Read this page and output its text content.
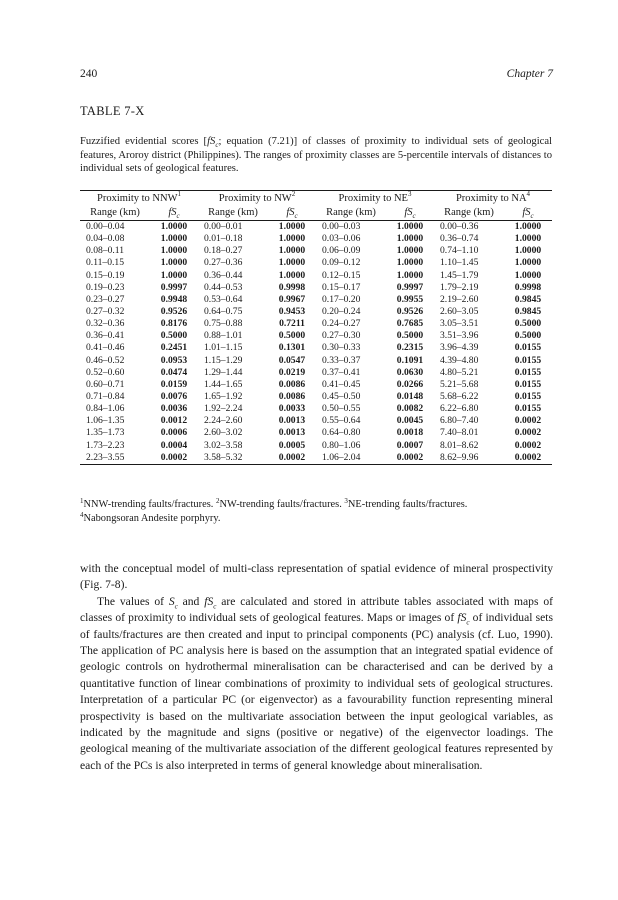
240	Chapter 7
TABLE 7-X
Fuzzified evidential scores [$fS_c$; equation (7.21)] of classes of proximity to individual sets of geological features, Aroroy district (Philippines). The ranges of proximity classes are 5-percentile intervals of distances to individual sets of geological features.
Proximity to NNW$^1$	Proximity to $NW^2$	Proximity to $NE^3$	Proximity to $NA^4$
Range (km)	$fS_c$	Range (km)	$fS_c$	Range (km)	$fS_c$	Range (km)	$fS_c$
0.00–0.04	1.0000	0.00–0.01	1.0000	0.00–0.03	1.0000	0.00–0.36	1.0000
0.04–0.08	1.0000	0.01–0.18	1.0000	0.03–0.06	1.0000	0.36–0.74	1.0000
0.08–0.11	1.0000	0.18–0.27	1.0000	0.06–0.09	1.0000	0.74–1.10	1.0000
0.11–0.15	1.0000	0.27–0.36	1.0000	0.09–0.12	1.0000	1.10–1.45	1.0000
0.15–0.19	1.0000	0.36–0.44	1.0000	0.12–0.15	1.0000	1.45–1.79	1.0000
0.19–0.23	0.9997	0.44–0.53	0.9998	0.15–0.17	0.9997	1.79–2.19	0.9998
0.23–0.27	0.9948	0.53–0.64	0.9967	0.17–0.20	0.9955	2.19–2.60	0.9845
0.27–0.32	0.9526	0.64–0.75	0.9453	0.20–0.24	0.9526	2.60–3.05	0.9845
0.32–0.36	0.8176	0.75–0.88	0.7211	0.24–0.27	0.7685	3.05–3.51	0.5000
0.36–0.41	0.5000	0.88–1.01	0.5000	0.27–0.30	0.5000	3.51–3.96	0.5000
0.41–0.46	0.2451	1.01–1.15	0.1301	0.30–0.33	0.2315	3.96–4.39	0.0155
0.46–0.52	0.0953	1.15–1.29	0.0547	0.33–0.37	0.1091	4.39–4.80	0.0155
0.52–0.60	0.0474	1.29–1.44	0.0219	0.37–0.41	0.0630	4.80–5.21	0.0155
0.60–0.71	0.0159	1.44–1.65	0.0086	0.41–0.45	0.0266	5.21–5.68	0.0155
0.71–0.84	0.0076	1.65–1.92	0.0086	0.45–0.50	0.0148	5.68–6.22	0.0155
0.84–1.06	0.0036	1.92–2.24	0.0033	0.50–0.55	0.0082	6.22–6.80	0.0155
1.06–1.35	0.0012	2.24–2.60	0.0013	0.55–0.64	0.0045	6.80–7.40	0.0002
1.35–1.73	0.0006	2.60–3.02	0.0013	0.64–0.80	0.0018	7.40–8.01	0.0002
1.73–2.23	0.0004	3.02–3.58	0.0005	0.80–1.06	0.0007	8.01–8.62	0.0002
2.23–3.55	0.0002	3.58–5.32	0.0002	1.06–2.04	0.0002	8.62–9.96	0.0002
$^1$NNW-trending faults/fractures. $^2$NW-trending faults/fractures. $^3$NE-trending faults/fractures.
$^4$Nabongsoran Andesite porphyry.

with the conceptual model of multi-class representation of spatial evidence of mineral prospectivity (Fig. 7-8).

The values of $S_c$ and $fS_c$ are calculated and stored in attribute tables associated with maps of classes of proximity to individual sets of geological features. Maps or images of $fS_c$ of individual sets of faults/fractures are then created and input to principal components (PC) analysis (cf. Luo, 1990). The application of PC analysis here is based on the assumption that an integrated spatial evidence of geologic controls on hydrothermal mineralisation can be characterised and can be derived by a quantitative function of linear combinations of proximity to individual sets of geological structures. Interpretation of a particular PC (or eigenvector) as a favourability function representing mineral prospectivity is based on the multivariate association between the input geological variables, as indicated by the magnitude and signs (positive or negative) of the eigenvector loadings. The geological meaning of the multivariate association of the different geological features represented by each of the PCs is also interpreted in terms of general knowledge about mineralisation.
